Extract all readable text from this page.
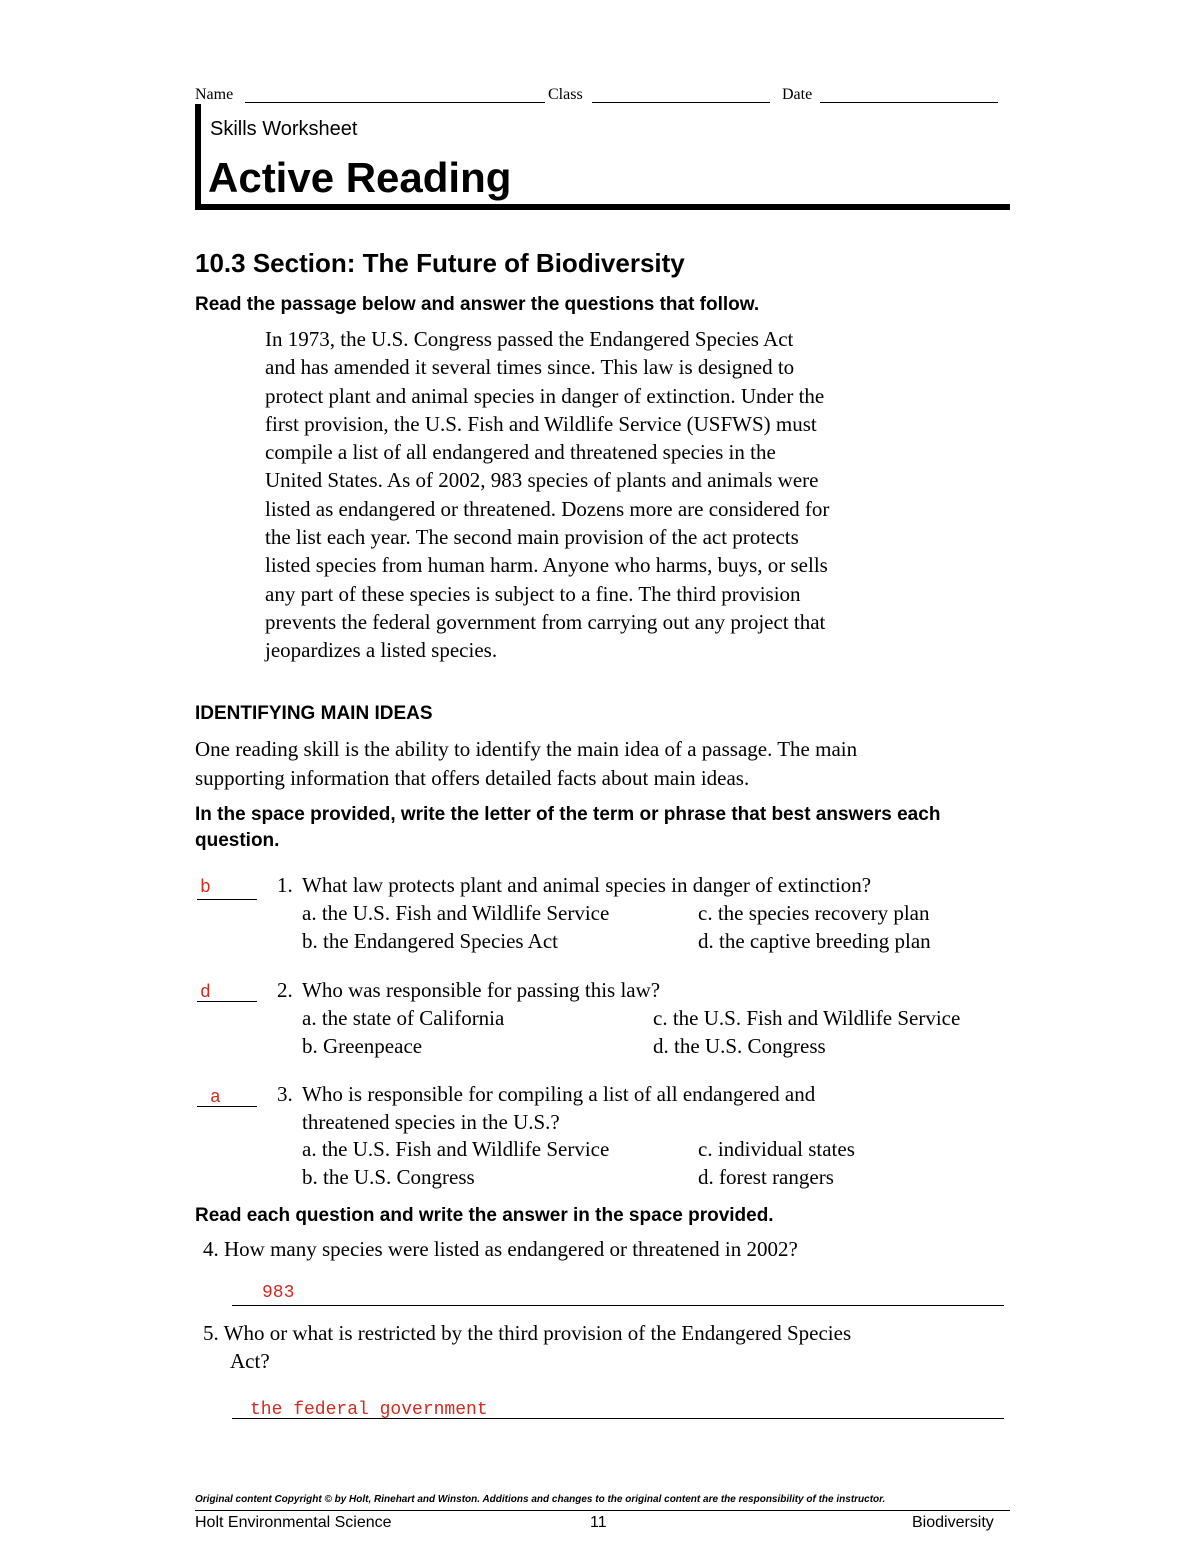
Name	Class	Date
Skills Worksheet
Active Reading
10.3 Section: The Future of Biodiversity
Read the passage below and answer the questions that follow.
In 1973, the U.S. Congress passed the Endangered Species Act
and has amended it several times since. This law is designed to
protect plant and animal species in danger of extinction. Under the
first provision, the U.S. Fish and Wildlife Service (USFWS) must
compile a list of all endangered and threatened species in the
United States. As of 2002, 983 species of plants and animals were
listed as endangered or threatened. Dozens more are considered for
the list each year. The second main provision of the act protects
listed species from human harm. Anyone who harms, buys, or sells
any part of these species is subject to a fine. The third provision
prevents the federal government from carrying out any project that
jeopardizes a listed species.
IDENTIFYING MAIN IDEAS
One reading skill is the ability to identify the main idea of a passage. The main
supporting information that offers detailed facts about main ideas.
In the space provided, write the letter of the term or phrase that best answers each
question.
b	1. What law protects plant and animal species in danger of extinction?
a. the U.S. Fish and Wildlife Service
b. the Endangered Species Act
c. the species recovery plan
d. the captive breeding plan
d	2. Who was responsible for passing this law?
a. the state of California
b. Greenpeace
c. the U.S. Fish and Wildlife Service
d. the U.S. Congress
a	3. Who is responsible for compiling a list of all endangered and
threatened species in the U.S.?
a. the U.S. Fish and Wildlife Service
b. the U.S. Congress
c. individual states
d. forest rangers
Read each question and write the answer in the space provided.
4. How many species were listed as endangered or threatened in 2002?
983
5. Who or what is restricted by the third provision of the Endangered Species
Act?
the federal government
Original content Copyright © by Holt, Rinehart and Winston. Additions and changes to the original content are the responsibility of the instructor.
Holt Environmental Science	11	Biodiversity
